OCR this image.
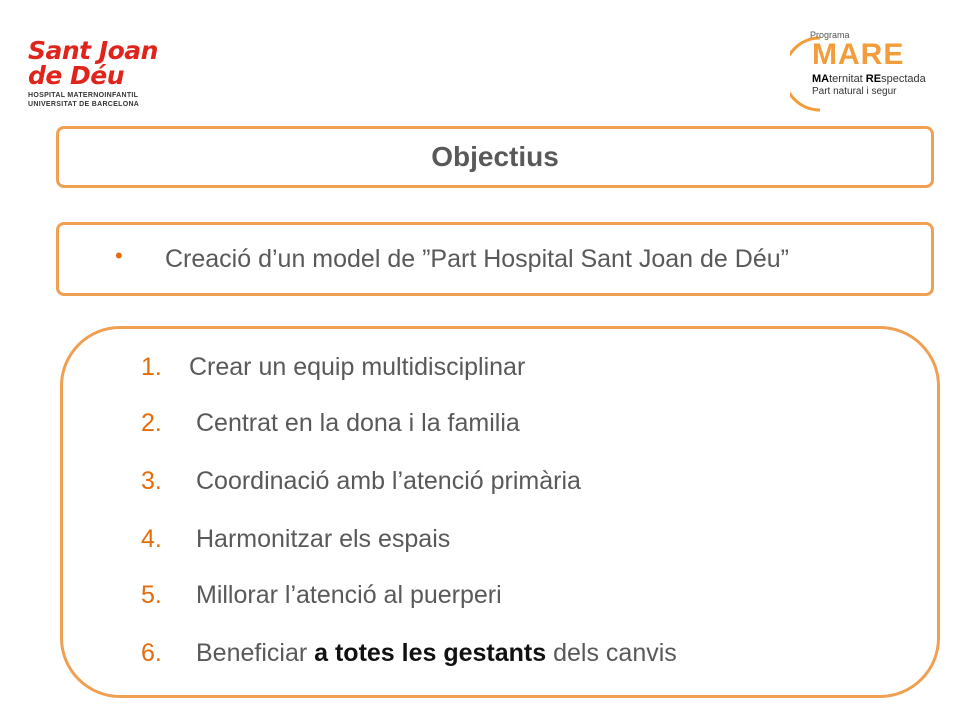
Sant Joan
de Déu
HOSPITAL MATERNOINFANTIL
UNIVERSITAT DE BARCELONA
Programa
MARE
MAternitat REspectada
Part natural i segur
Objectius
• Creació d’un model de ”Part Hospital Sant Joan de Déu”
1. Crear un equip multidisciplinar
2. Centrat en la dona i la familia
3. Coordinació amb l’atenció primària
4. Harmonitzar els espais
5. Millorar l’atenció al puerperi
6. Beneficiar a totes les gestants dels canvis
